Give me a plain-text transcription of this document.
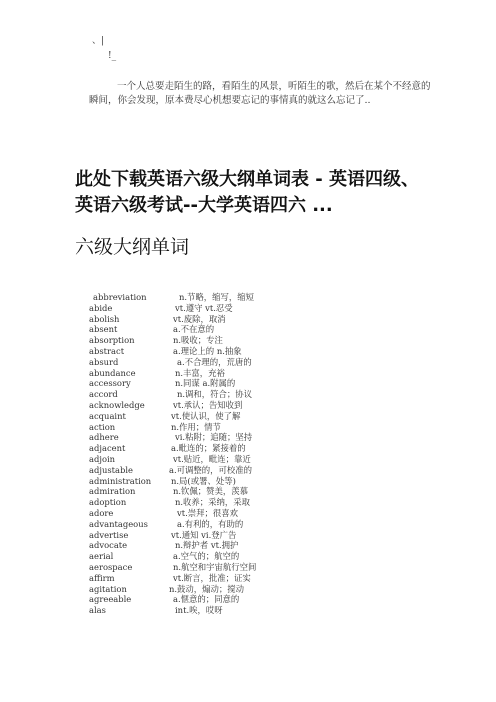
、|
!_

一个人总要走陌生的路，看陌生的风景，听陌生的歌，然后在某个不经意的瞬间，你会发现，原本费尽心机想要忘记的事情真的就这么忘记了..

此处下载英语六级大纲单词表 - 英语四级、英语六级考试--大学英语四六 ...
六级大纲单词
abbreviation	n.节略，缩写，缩短
abide	vt.遵守 vt.忍受
abolish	vt.废除，取消
absent	a.不在意的
absorption	n.吸收；专注
abstract	a.理论上的 n.抽象
absurd	a.不合理的，荒唐的
abundance	n.丰富，充裕
accessory	n.同谋 a.附属的
accord	n.调和，符合；协议
acknowledge	vt.承认；告知收到
acquaint	vt.使认识，使了解
action	n.作用；情节
adhere	vi.粘附；追随；坚持
adjacent	a.毗连的；紧接着的
adjoin	vt.贴近，毗连；靠近
adjustable	a.可调整的，可校准的
administration n.局(或署、处等)
admiration	n.钦佩；赞美，羡慕
adoption	n.收养；采纳，采取
adore	vt.崇拜；很喜欢
advantageous	a.有利的，有助的
advertise	vt.通知 vi.登广告
advocate	n.辩护者 vt.拥护
aerial	a.空气的；航空的
aerospace	n.航空和宇宙航行空间
affirm	vt.断言，批准；证实
agitation	n.鼓动，煽动；搅动
agreeable	a.惬意的；同意的
alas	int.唉，哎呀
